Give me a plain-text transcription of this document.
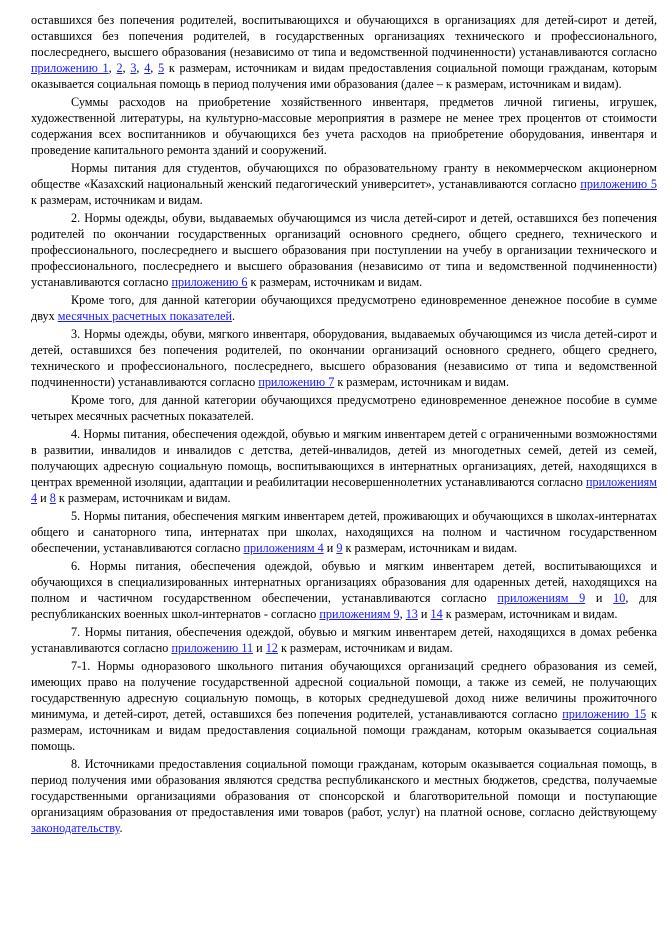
оставшихся без попечения родителей, воспитывающихся и обучающихся в организациях для детей-сирот и детей, оставшихся без попечения родителей, в государственных организациях технического и профессионального, послесреднего, высшего образования (независимо от типа и ведомственной подчиненности) устанавливаются согласно приложению 1, 2, 3, 4, 5 к размерам, источникам и видам предоставления социальной помощи гражданам, которым оказывается социальная помощь в период получения ими образования (далее – к размерам, источникам и видам).

Суммы расходов на приобретение хозяйственного инвентаря, предметов личной гигиены, игрушек, художественной литературы, на культурно-массовые мероприятия в размере не менее трех процентов от стоимости содержания всех воспитанников и обучающихся без учета расходов на приобретение оборудования, инвентаря и проведение капитального ремонта зданий и сооружений.

Нормы питания для студентов, обучающихся по образовательному гранту в некоммерческом акционерном обществе «Казахский национальный женский педагогический университет», устанавливаются согласно приложению 5 к размерам, источникам и видам.

2. Нормы одежды, обуви, выдаваемых обучающимся из числа детей-сирот и детей, оставшихся без попечения родителей по окончании государственных организаций основного среднего, общего среднего, технического и профессионального, послесреднего и высшего образования при поступлении на учебу в организации технического и профессионального, послесреднего и высшего образования (независимо от типа и ведомственной подчиненности) устанавливаются согласно приложению 6 к размерам, источникам и видам.

Кроме того, для данной категории обучающихся предусмотрено единовременное денежное пособие в сумме двух месячных расчетных показателей.

3. Нормы одежды, обуви, мягкого инвентаря, оборудования, выдаваемых обучающимся из числа детей-сирот и детей, оставшихся без попечения родителей, по окончании организаций основного среднего, общего среднего, технического и профессионального, послесреднего, высшего образования (независимо от типа и ведомственной подчиненности) устанавливаются согласно приложению 7 к размерам, источникам и видам.

Кроме того, для данной категории обучающихся предусмотрено единовременное денежное пособие в сумме четырех месячных расчетных показателей.

4. Нормы питания, обеспечения одеждой, обувью и мягким инвентарем детей с ограниченными возможностями в развитии, инвалидов и инвалидов с детства, детей-инвалидов, детей из многодетных семей, детей из семей, получающих адресную социальную помощь, воспитывающихся в интернатных организациях, детей, находящихся в центрах временной изоляции, адаптации и реабилитации несовершеннолетних устанавливаются согласно приложениям 4 и 8 к размерам, источникам и видам.

5. Нормы питания, обеспечения мягким инвентарем детей, проживающих и обучающихся в школах-интернатах общего и санаторного типа, интернатах при школах, находящихся на полном и частичном государственном обеспечении, устанавливаются согласно приложениям 4 и 9 к размерам, источникам и видам.

6. Нормы питания, обеспечения одеждой, обувью и мягким инвентарем детей, воспитывающихся и обучающихся в специализированных интернатных организациях образования для одаренных детей, находящихся на полном и частичном государственном обеспечении, устанавливаются согласно приложениям 9 и 10, для республиканских военных школ-интернатов - согласно приложениям 9, 13 и 14 к размерам, источникам и видам.

7. Нормы питания, обеспечения одеждой, обувью и мягким инвентарем детей, находящихся в домах ребенка устанавливаются согласно приложению 11 и 12 к размерам, источникам и видам.

7-1. Нормы одноразового школьного питания обучающихся организаций среднего образования из семей, имеющих право на получение государственной адресной социальной помощи, а также из семей, не получающих государственную адресную социальную помощь, в которых среднедушевой доход ниже величины прожиточного минимума, и детей-сирот, детей, оставшихся без попечения родителей, устанавливаются согласно приложению 15 к размерам, источникам и видам предоставления социальной помощи гражданам, которым оказывается социальная помощь.

8. Источниками предоставления социальной помощи гражданам, которым оказывается социальная помощь, в период получения ими образования являются средства республиканского и местных бюджетов, средства, получаемые государственными организациями образования от спонсорской и благотворительной помощи и поступающие организациям образования от предоставления ими товаров (работ, услуг) на платной основе, согласно действующему законодательству.
